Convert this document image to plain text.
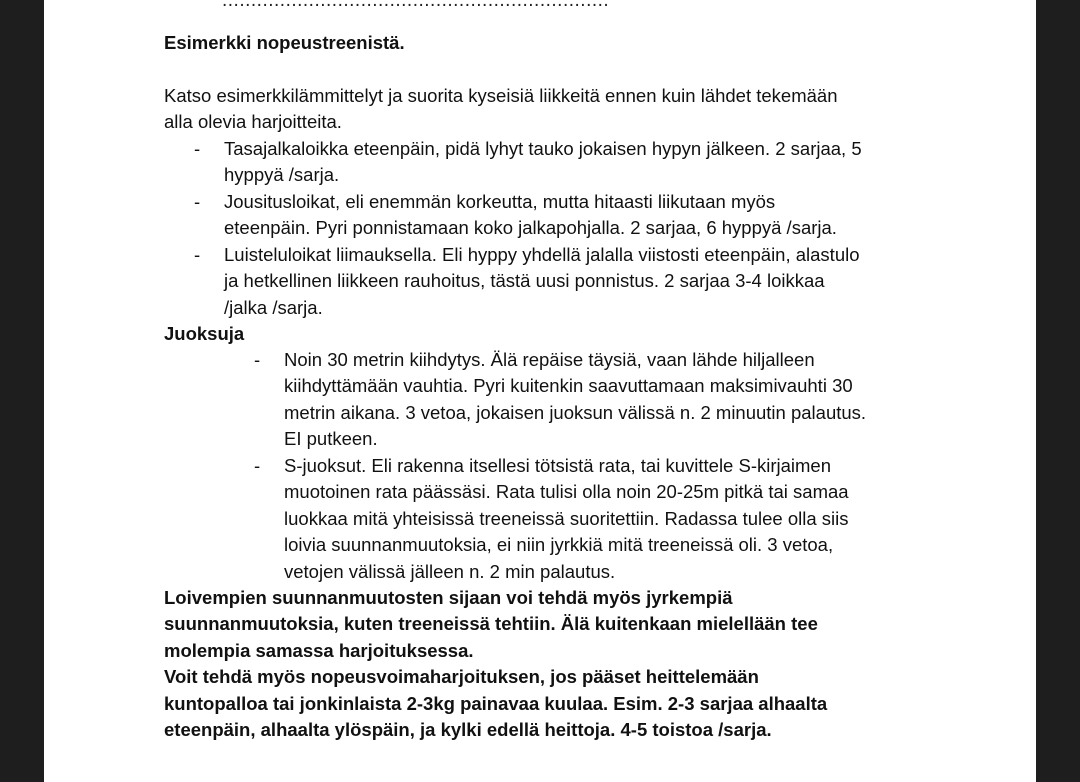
...................................................................
Esimerkki nopeustreenistä.
Katso esimerkkilämmittelyt ja suorita kyseisiä liikkeitä ennen kuin lähdet tekemään
alla olevia harjoitteita.
-	Tasajalkaloikka eteenpäin, pidä lyhyt tauko jokaisen hypyn jälkeen. 2 sarjaa, 5
hyppyä /sarja.
-	Jousitusloikat, eli enemmän korkeutta, mutta hitaasti liikutaan myös
eteenpäin. Pyri ponnistamaan koko jalkapohjalla. 2 sarjaa, 6 hyppyä /sarja.
-	Luisteluloikat liimauksella. Eli hyppy yhdellä jalalla viistosti eteenpäin, alastulo
ja hetkellinen liikkeen rauhoitus, tästä uusi ponnistus. 2 sarjaa 3-4 loikkaa
/jalka /sarja.
Juoksuja
-	Noin 30 metrin kiihdytys. Älä repäise täysiä, vaan lähde hiljalleen
kiihdyttämään vauhtia. Pyri kuitenkin saavuttamaan maksimivauhti 30
metrin aikana. 3 vetoa, jokaisen juoksun välissä n. 2 minuutin palautus.
EI putkeen.
-	S-juoksut. Eli rakenna itsellesi tötsistä rata, tai kuvittele S-kirjaimen
muotoinen rata päässäsi. Rata tulisi olla noin 20-25m pitkä tai samaa
luokkaa mitä yhteisissä treeneissä suoritettiin. Radassa tulee olla siis
loivia suunnanmuutoksia, ei niin jyrkkiä mitä treeneissä oli. 3 vetoa,
vetojen välissä jälleen n. 2 min palautus.
Loivempien suunnanmuutosten sijaan voi tehdä myös jyrkempiä
suunnanmuutoksia, kuten treeneissä tehtiin. Älä kuitenkaan mielellään tee
molempia samassa harjoituksessa.
Voit tehdä myös nopeusvoimaharjoituksen, jos pääset heittelemään
kuntopalloa tai jonkinlaista 2-3kg painavaa kuulaa. Esim. 2-3 sarjaa alhaalta
eteenpäin, alhaalta ylöspäin, ja kylki edellä heittoja. 4-5 toistoa /sarja.
